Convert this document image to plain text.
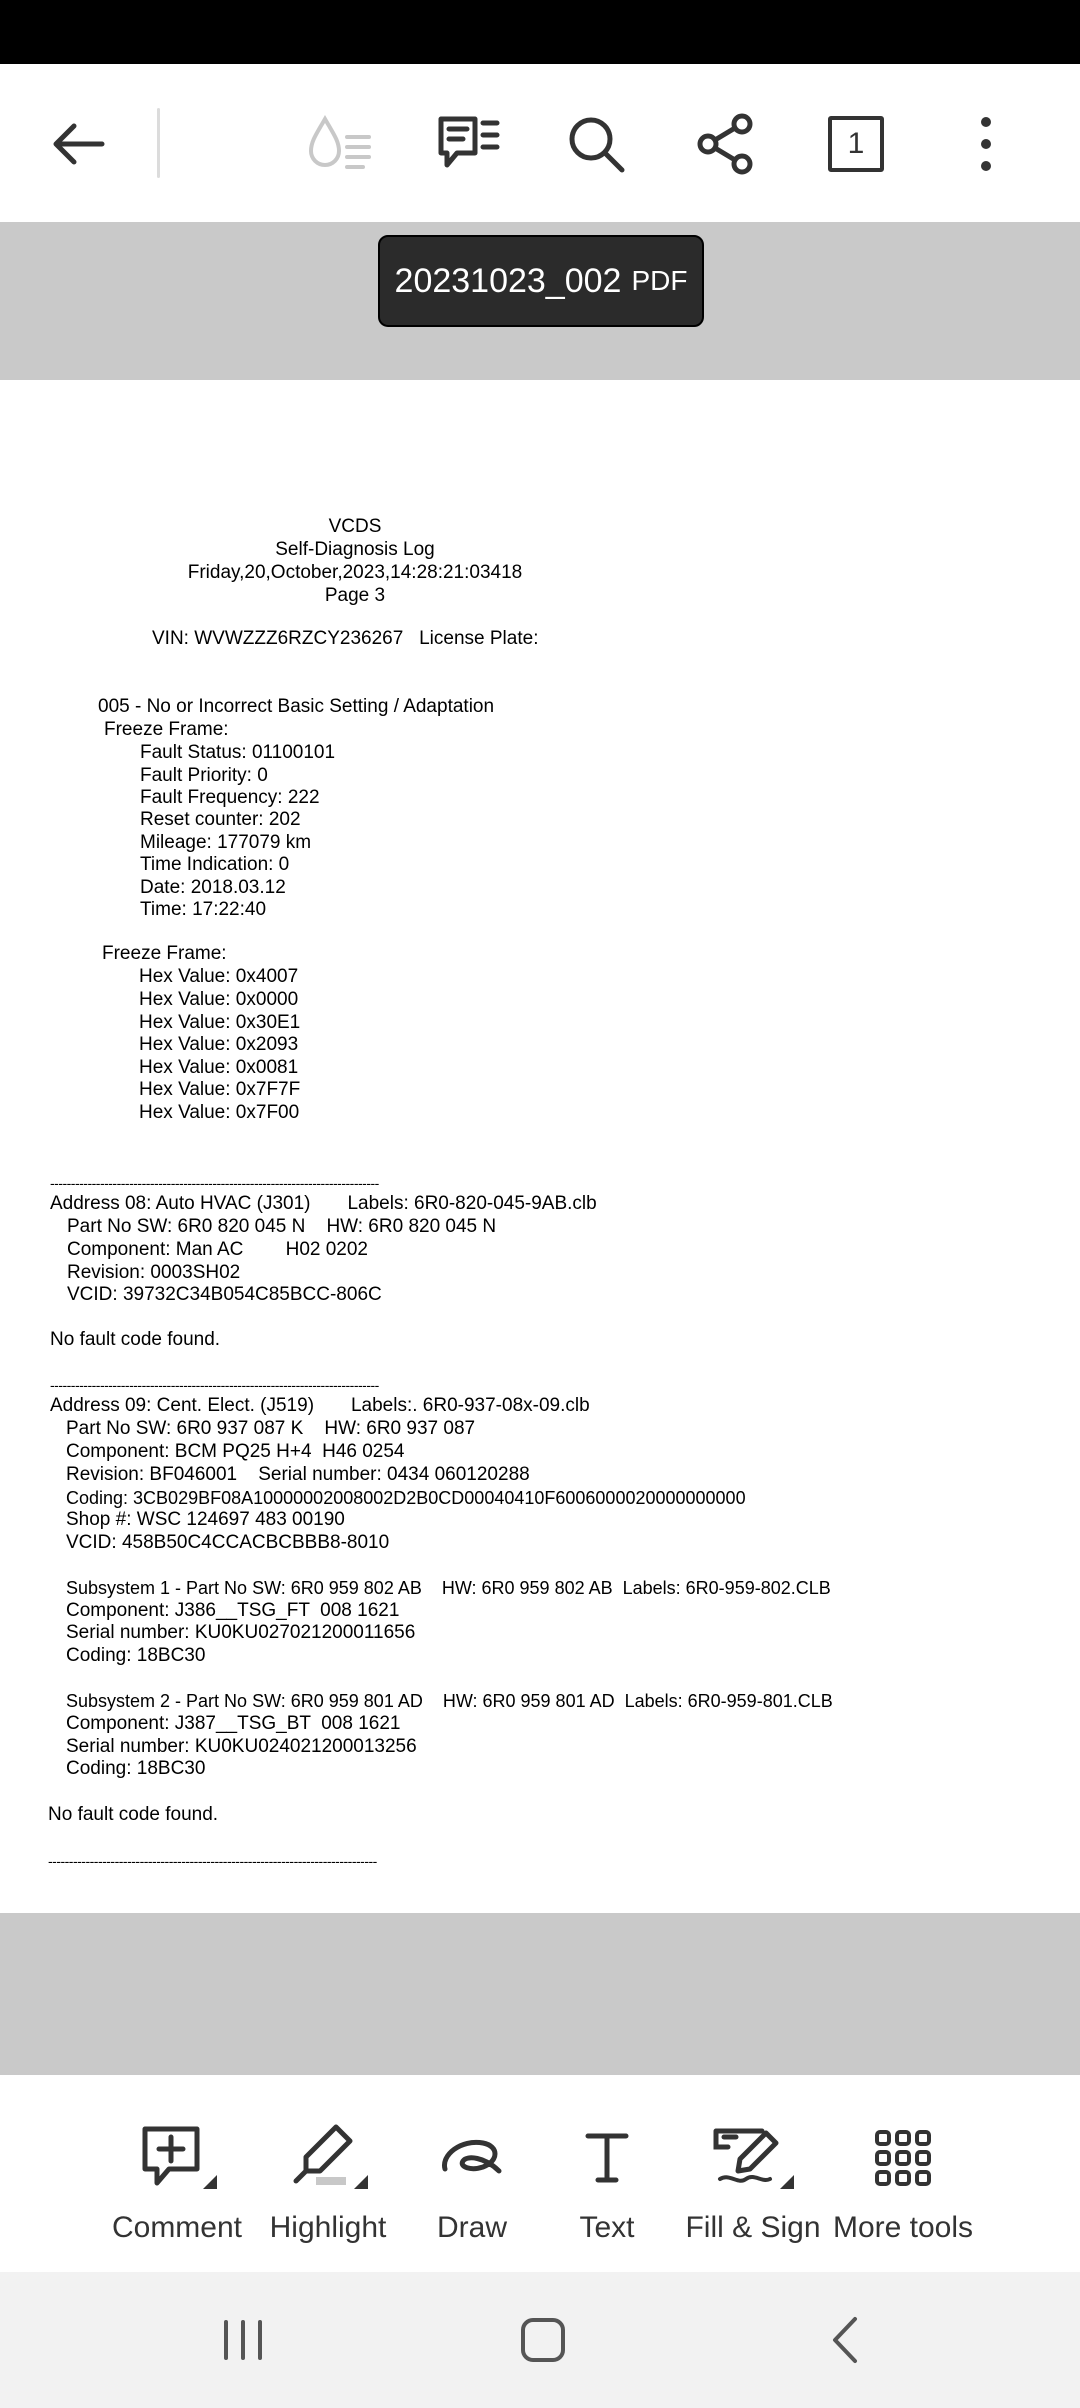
1
20231023_002 PDF
VCDS
Self-Diagnosis Log
Friday,20,October,2023,14:28:21:03418
Page 3
VIN: WVWZZZ6RZCY236267   License Plate:
005 - No or Incorrect Basic Setting / Adaptation
Freeze Frame:
Fault Status: 01100101
Fault Priority: 0
Fault Frequency: 222
Reset counter: 202
Mileage: 177079 km
Time Indication: 0
Date: 2018.03.12
Time: 17:22:40
Freeze Frame:
Hex Value: 0x4007
Hex Value: 0x0000
Hex Value: 0x30E1
Hex Value: 0x2093
Hex Value: 0x0081
Hex Value: 0x7F7F
Hex Value: 0x7F00
-------------------------------------------------------------------------------
Address 08: Auto HVAC (J301)       Labels: 6R0-820-045-9AB.clb
Part No SW: 6R0 820 045 N    HW: 6R0 820 045 N
Component: Man AC        H02 0202
Revision: 0003SH02
VCID: 39732C34B054C85BCC-806C
No fault code found.
-------------------------------------------------------------------------------
Address 09: Cent. Elect. (J519)       Labels:. 6R0-937-08x-09.clb
Part No SW: 6R0 937 087 K    HW: 6R0 937 087
Component: BCM PQ25 H+4  H46 0254
Revision: BF046001    Serial number: 0434 060120288
Coding: 3CB029BF08A10000002008002D2B0CD00040410F6006000020000000000
Shop #: WSC 124697 483 00190
VCID: 458B50C4CCACBCBBB8-8010
Subsystem 1 - Part No SW: 6R0 959 802 AB    HW: 6R0 959 802 AB  Labels: 6R0-959-802.CLB
Component: J386__TSG_FT  008 1621
Serial number: KU0KU027021200011656
Coding: 18BC30
Subsystem 2 - Part No SW: 6R0 959 801 AD    HW: 6R0 959 801 AD  Labels: 6R0-959-801.CLB
Component: J387__TSG_BT  008 1621
Serial number: KU0KU024021200013256
Coding: 18BC30
No fault code found.
-------------------------------------------------------------------------------
Comment Highlight Draw Text Fill & Sign More tools
